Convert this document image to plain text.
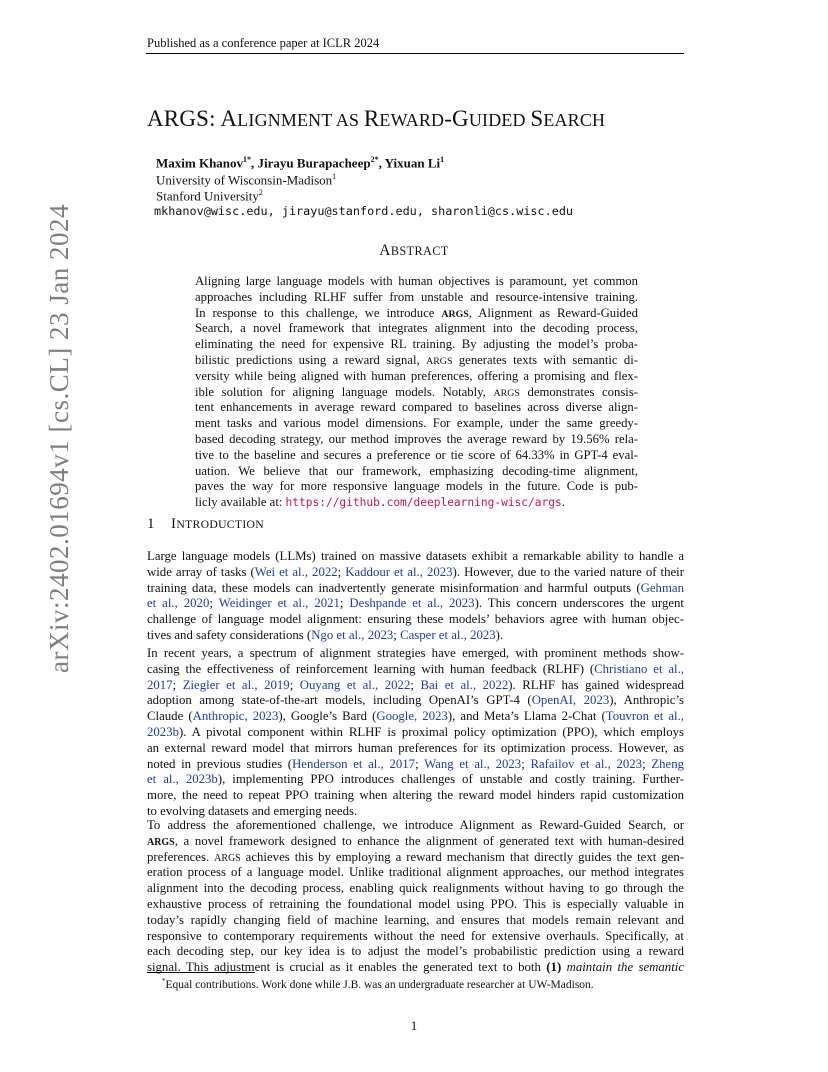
Published as a conference paper at ICLR 2024
arXiv:2402.01694v1 [cs.CL] 23 Jan 2024
ARGS: ALIGNMENT AS REWARD-GUIDED SEARCH
Maxim Khanov$^{1*}$, Jirayu Burapacheep$^{2*}$, Yixuan Li$^1$
University of Wisconsin-Madison$^1$
Stanford University$^2$
mkhanov@wisc.edu, jirayu@stanford.edu, sharonli@cs.wisc.edu
ABSTRACT
Aligning large language models with human objectives is paramount, yet common
approaches including RLHF suffer from unstable and resource-intensive training.
In response to this challenge, we introduce ARGS, Alignment as Reward-Guided
Search, a novel framework that integrates alignment into the decoding process,
eliminating the need for expensive RL training. By adjusting the model’s proba-
bilistic predictions using a reward signal, ARGS generates texts with semantic di-
versity while being aligned with human preferences, offering a promising and flex-
ible solution for aligning language models. Notably, ARGS demonstrates consis-
tent enhancements in average reward compared to baselines across diverse align-
ment tasks and various model dimensions. For example, under the same greedy-
based decoding strategy, our method improves the average reward by 19.56% rela-
tive to the baseline and secures a preference or tie score of 64.33% in GPT-4 eval-
uation. We believe that our framework, emphasizing decoding-time alignment,
paves the way for more responsive language models in the future. Code is pub-
licly available at: https://github.com/deeplearning-wisc/args.
1 INTRODUCTION
Large language models (LLMs) trained on massive datasets exhibit a remarkable ability to handle a
wide array of tasks (Wei et al., 2022; Kaddour et al., 2023). However, due to the varied nature of their
training data, these models can inadvertently generate misinformation and harmful outputs (Gehman
et al., 2020; Weidinger et al., 2021; Deshpande et al., 2023). This concern underscores the urgent
challenge of language model alignment: ensuring these models’ behaviors agree with human objec-
tives and safety considerations (Ngo et al., 2023; Casper et al., 2023).
In recent years, a spectrum of alignment strategies have emerged, with prominent methods show-
casing the effectiveness of reinforcement learning with human feedback (RLHF) (Christiano et al.,
2017; Ziegler et al., 2019; Ouyang et al., 2022; Bai et al., 2022). RLHF has gained widespread
adoption among state-of-the-art models, including OpenAI’s GPT-4 (OpenAI, 2023), Anthropic’s
Claude (Anthropic, 2023), Google’s Bard (Google, 2023), and Meta’s Llama 2-Chat (Touvron et al.,
2023b). A pivotal component within RLHF is proximal policy optimization (PPO), which employs
an external reward model that mirrors human preferences for its optimization process. However, as
noted in previous studies (Henderson et al., 2017; Wang et al., 2023; Rafailov et al., 2023; Zheng
et al., 2023b), implementing PPO introduces challenges of unstable and costly training. Further-
more, the need to repeat PPO training when altering the reward model hinders rapid customization
to evolving datasets and emerging needs.
To address the aforementioned challenge, we introduce Alignment as Reward-Guided Search, or
ARGS, a novel framework designed to enhance the alignment of generated text with human-desired
preferences. ARGS achieves this by employing a reward mechanism that directly guides the text gen-
eration process of a language model. Unlike traditional alignment approaches, our method integrates
alignment into the decoding process, enabling quick realignments without having to go through the
exhaustive process of retraining the foundational model using PPO. This is especially valuable in
today’s rapidly changing field of machine learning, and ensures that models remain relevant and
responsive to contemporary requirements without the need for extensive overhauls. Specifically, at
each decoding step, our key idea is to adjust the model’s probabilistic prediction using a reward
signal. This adjustment is crucial as it enables the generated text to both (1) maintain the semantic
*Equal contributions. Work done while J.B. was an undergraduate researcher at UW-Madison.
1
